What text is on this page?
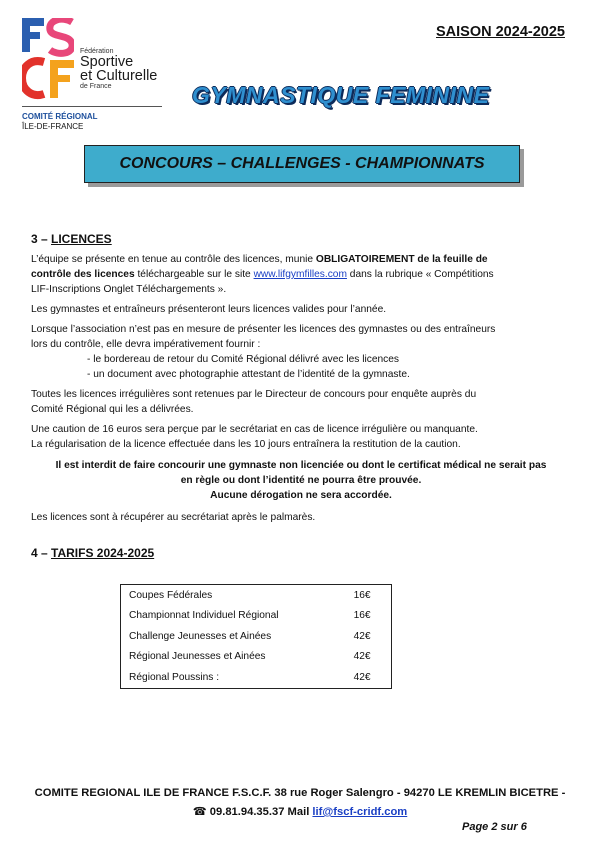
Fédération
Sportive
et Culturelle
de France
COMITÉ RÉGIONAL
ÎLE-DE-FRANCE
SAISON 2024-2025
GYMNASTIQUE FEMININE
CONCOURS – CHALLENGES - CHAMPIONNATS
3 – LICENCES
L’équipe se présente en tenue au contrôle des licences, munie OBLIGATOIREMENT de la feuille de
contrôle des licences téléchargeable sur le site www.lifgymfilles.com dans la rubrique « Compétitions
LIF-Inscriptions Onglet Téléchargements ».
Les gymnastes et entraîneurs présenteront leurs licences valides pour l’année.
Lorsque l’association n’est pas en mesure de présenter les licences des gymnastes ou des entraîneurs
lors du contrôle, elle devra impérativement fournir :
- le bordereau de retour du Comité Régional délivré avec les licences
- un document avec photographie attestant de l’identité de la gymnaste.
Toutes les licences irrégulières sont retenues par le Directeur de concours pour enquête auprès du
Comité Régional qui les a délivrées.
Une caution de 16 euros sera perçue par le secrétariat en cas de licence irrégulière ou manquante.
La régularisation de la licence effectuée dans les 10 jours entraînera la restitution de la caution.
Il est interdit de faire concourir une gymnaste non licenciée ou dont le certificat médical ne serait pas
en règle ou dont l’identité ne pourra être prouvée.
Aucune dérogation ne sera accordée.
Les licences sont à récupérer au secrétariat après le palmarès.
4 – TARIFS 2024-2025
Coupes Fédérales	16€
Championnat Individuel Régional	16€
Challenge Jeunesses et Ainées	42€
Régional Jeunesses et Ainées	42€
Régional Poussins :	42€
COMITE REGIONAL ILE DE FRANCE F.S.C.F. 38 rue Roger Salengro - 94270 LE KREMLIN BICETRE -
☎ 09.81.94.35.37 Mail lif@fscf-cridf.com
Page 2 sur 6
